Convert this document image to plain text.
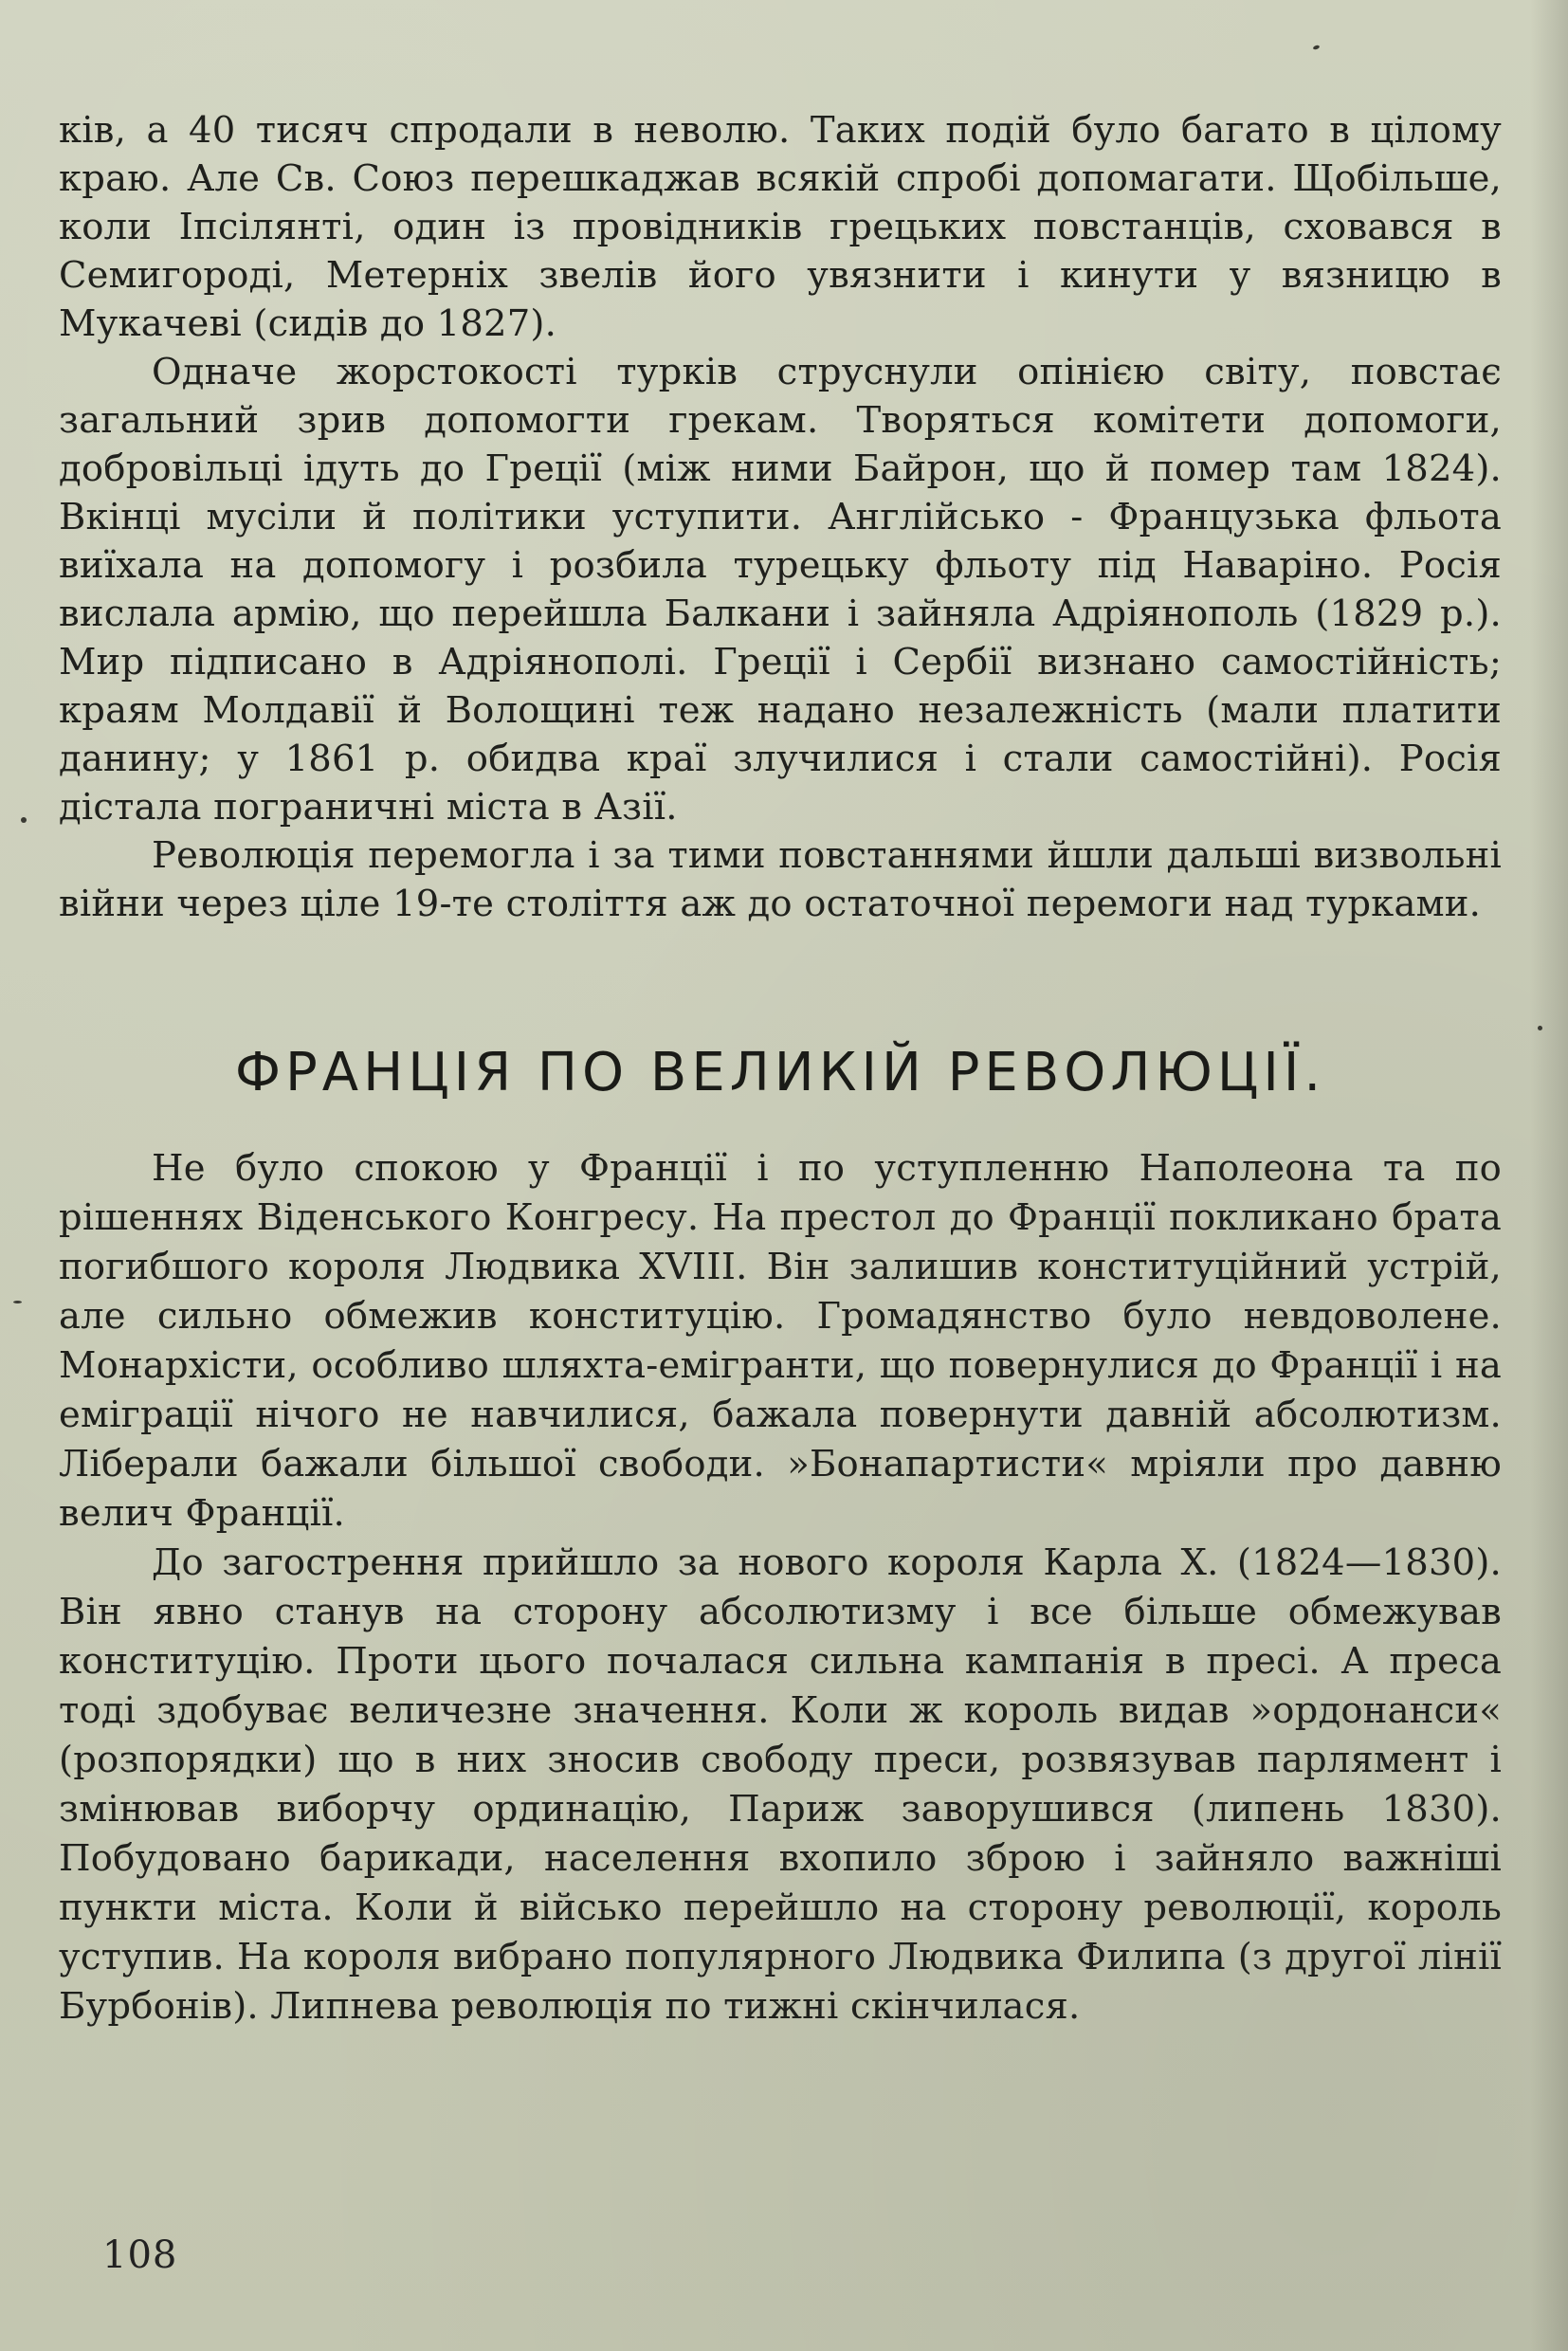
ків, а 40 тисяч спродали в неволю. Таких подій було багато в цілому краю. Але Св. Союз перешкаджав всякій спробі допомагати. Щобільше, коли Іпсілянті, один із провідників грецьких повстанців, сховався в Семигороді, Метерніх звелів його увязнити і кинути у вязницю в Мукачеві (сидів до 1827).

Одначе жорстокості турків струснули опінією світу, повстає загальний зрив допомогти грекам. Творяться комітети допомоги, добровільці ідуть до Греції (між ними Байрон, що й помер там 1824). Вкінці мусіли й політики уступити. Англійсько - Французька фльота виїхала на допомогу і розбила турецьку фльоту під Наваріно. Росія вислала армію, що перейшла Балкани і зайняла Адріянополь (1829 р.). Мир підписано в Адріянополі. Греції і Сербії визнано самостійність; краям Молдавії й Волощині теж надано незалежність (мали платити данину; у 1861 р. обидва краї злучилися і стали самостійні). Росія дістала пограничні міста в Азії.

Революція перемогла і за тими повстаннями йшли дальші визвольні війни через ціле 19-те століття аж до остаточної перемоги над турками.

ФРАНЦІЯ ПО ВЕЛИКІЙ РЕВОЛЮЦІЇ.

Не було спокою у Франції і по уступленню Наполеона та по рішеннях Віденського Конгресу. На престол до Франції покликано брата погибшого короля Людвика XVIII. Він залишив конституційний устрій, але сильно обмежив конституцію. Громадянство було невдоволене. Монархісти, особливо шляхта-емігранти, що повернулися до Франції і на еміграції нічого не навчилися, бажала повернути давній абсолютизм. Лібeрали бажали більшої свободи. »Бонапартисти« мріяли про давню велич Франції.

До загострення прийшло за нового короля Карла X. (1824—1830). Він явно станув на сторону абсолютизму і все більше обмежував конституцію. Проти цього почалася сильна кампанія в пресі. А преса тоді здобуває величезне значення. Коли ж король видав »ордонанси« (розпорядки) що в них зносив свободу преси, розвязував парлямент і змінював виборчу ординацію, Париж заворушився (липень 1830). Побудовано барикади, населення вхопило зброю і зайняло важніші пункти міста. Коли й військо перейшло на сторону революції, король уступив. На короля вибрано популярного Людвика Филипа (з другої лінії Бурбонів). Липнева революція по тижні скінчилася.

108
